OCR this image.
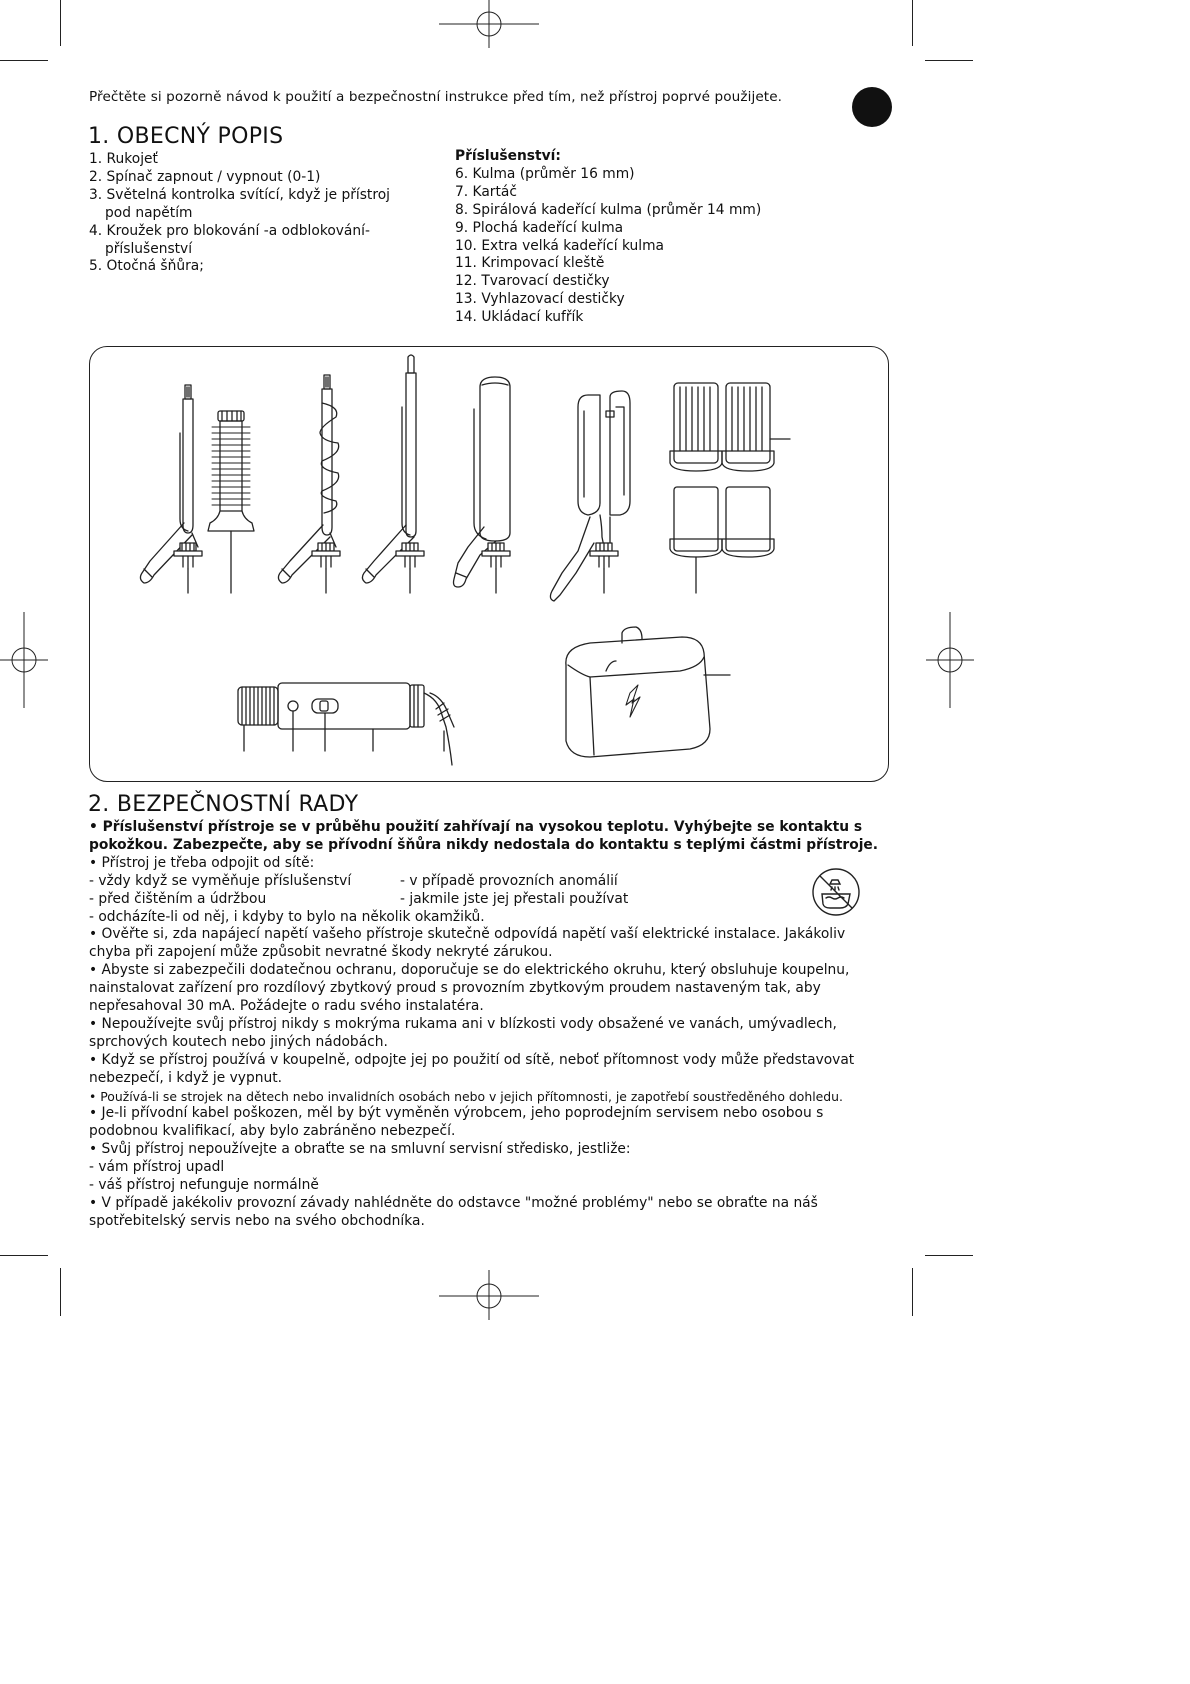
Přečtěte si pozorně návod k použití a bezpečnostní instrukce před tím, než přístroj poprvé použijete.
1. OBECNÝ POPIS
1. Rukojeť
2. Spínač zapnout / vypnout (0-1)
3. Světelná kontrolka svítící, když je přístroj pod napětím
4. Kroužek pro blokování -a odblokování- příslušenství
5. Otočná šňůra;
Příslušenství:
6. Kulma (průměr 16 mm)
7. Kartáč
8. Spirálová kadeřící kulma (průměr 14 mm)
9. Plochá kadeřící kulma
10. Extra velká kadeřící kulma
11. Krimpovací kleště
12. Tvarovací destičky
13. Vyhlazovací destičky
14. Ukládací kufřík
2. BEZPEČNOSTNÍ RADY

• Příslušenství přístroje se v průběhu použití zahřívají na vysokou teplotu. Vyhýbejte se kontaktu s pokožkou. Zabezpečte, aby se přívodní šňůra nikdy nedostala do kontaktu s teplými částmi přístroje.

• Přístroj je třeba odpojit od sítě:

- vždy když se vyměňuje příslušenství	- v případě provozních anomálií
- před čištěním a údržbou	- jakmile jste jej přestali používat

- odcházíte-li od něj, i kdyby to bylo na několik okamžiků.

• Ověřte si, zda napájecí napětí vašeho přístroje skutečně odpovídá napětí vaší elektrické instalace. Jakákoliv chyba při zapojení může způsobit nevratné škody nekryté zárukou.

• Abyste si zabezpečili dodatečnou ochranu, doporučuje se do elektrického okruhu, který obsluhuje koupelnu, nainstalovat zařízení pro rozdílový zbytkový proud s provozním zbytkovým proudem nastaveným tak, aby nepřesahoval 30 mA. Požádejte o radu svého instalatéra.

• Nepoužívejte svůj přístroj nikdy s mokrýma rukama ani v blízkosti vody obsažené ve vanách, umývadlech, sprchových koutech nebo jiných nádobách.

• Když se přístroj používá v koupelně, odpojte jej po použití od sítě, neboť přítomnost vody může představovat nebezpečí, i když je vypnut.

• Používá-li se strojek na dětech nebo invalidních osobách nebo v jejich přítomnosti, je zapotřebí soustředěného dohledu.

• Je-li přívodní kabel poškozen, měl by být vyměněn výrobcem, jeho poprodejním servisem nebo osobou s podobnou kvalifikací, aby bylo zabráněno nebezpečí.

• Svůj přístroj nepoužívejte a obraťte se na smluvní servisní středisko, jestliže:

- vám přístroj upadl

- váš přístroj nefunguje normálně

• V případě jakékoliv provozní závady nahlédněte do odstavce "možné problémy" nebo se obraťte na náš spotřebitelský servis nebo na svého obchodníka.
